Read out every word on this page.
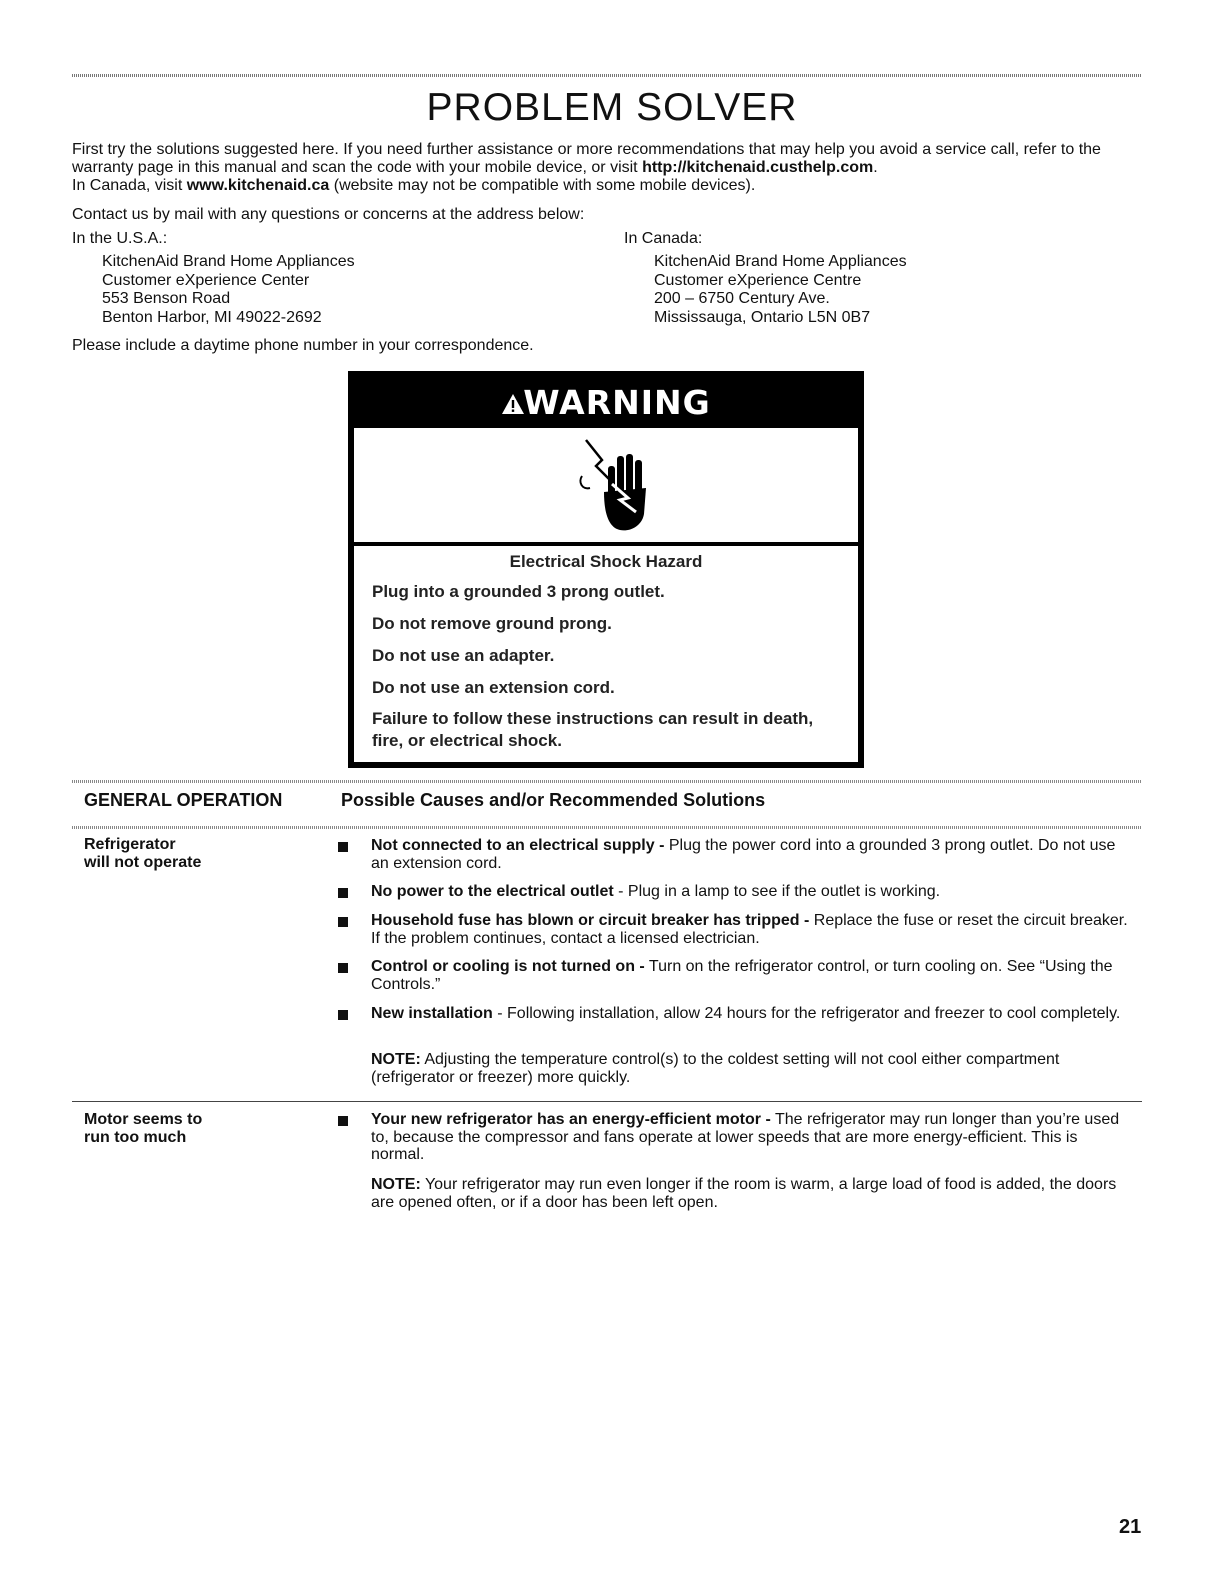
PROBLEM SOLVER

First try the solutions suggested here. If you need further assistance or more recommendations that may help you avoid a service call, refer to the warranty page in this manual and scan the code with your mobile device, or visit http://kitchenaid.custhelp.com.

In Canada, visit www.kitchenaid.ca (website may not be compatible with some mobile devices).

Contact us by mail with any questions or concerns at the address below:
In the U.S.A.:
KitchenAid Brand Home Appliances
Customer eXperience Center
553 Benson Road
Benton Harbor, MI 49022-2692
In Canada:
KitchenAid Brand Home Appliances
Customer eXperience Centre
200 – 6750 Century Ave.
Mississauga, Ontario L5N 0B7
Please include a daytime phone number in your correspondence.
WARNING
Electrical Shock Hazard
Plug into a grounded 3 prong outlet.
Do not remove ground prong.
Do not use an adapter.
Do not use an extension cord.
Failure to follow these instructions can result in death,
fire, or electrical shock.
GENERAL OPERATION	Possible Causes and/or Recommended Solutions
Refrigerator
will not operate
Not connected to an electrical supply - Plug the power cord into a grounded 3 prong outlet. Do not use an extension cord.
No power to the electrical outlet - Plug in a lamp to see if the outlet is working.
Household fuse has blown or circuit breaker has tripped - Replace the fuse or reset the circuit breaker. If the problem continues, contact a licensed electrician.
Control or cooling is not turned on - Turn on the refrigerator control, or turn cooling on. See “Using the Controls.”
New installation - Following installation, allow 24 hours for the refrigerator and freezer to cool completely.
NOTE: Adjusting the temperature control(s) to the coldest setting will not cool either compartment (refrigerator or freezer) more quickly.
Motor seems to
run too much
Your new refrigerator has an energy-efficient motor - The refrigerator may run longer than you’re used to, because the compressor and fans operate at lower speeds that are more energy-efficient. This is normal.
NOTE: Your refrigerator may run even longer if the room is warm, a large load of food is added, the doors are opened often, or if a door has been left open.
21
